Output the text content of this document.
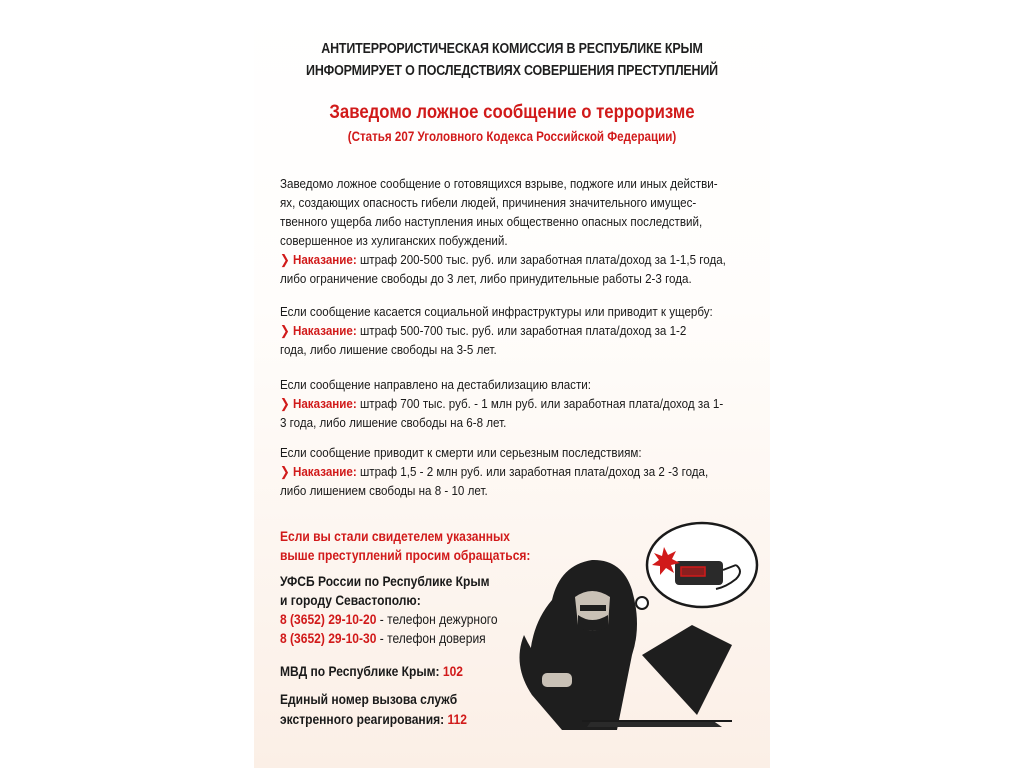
АНТИТЕРРОРИСТИЧЕСКАЯ КОМИССИЯ В РЕСПУБЛИКЕ КРЫМ
ИНФОРМИРУЕТ О ПОСЛЕДСТВИЯХ СОВЕРШЕНИЯ ПРЕСТУПЛЕНИЙ
Заведомо ложное сообщение о терроризме
(Статья 207 Уголовного Кодекса Российской Федерации)
Заведомо ложное сообщение о готовящихся взрыве, поджоге или иных действи-
ях, создающих опасность гибели людей, причинения значительного имущес-
твенного ущерба либо наступления иных общественно опасных последствий,
совершенное из хулиганских побуждений.
❯ Наказание: штраф 200-500 тыс. руб. или заработная плата/доход за 1-1,5 года,
либо ограничение свободы до 3 лет, либо принудительные работы 2-3 года.
Если сообщение касается социальной инфраструктуры или приводит к ущербу:
❯ Наказание: штраф 500-700 тыс. руб. или заработная плата/доход за 1-2
года, либо лишение свободы на 3-5 лет.
Если сообщение направлено на дестабилизацию власти:
❯ Наказание: штраф 700 тыс. руб. - 1 млн руб. или заработная плата/доход за 1-
3 года, либо лишение свободы на 6-8 лет.
Если сообщение приводит к смерти или серьезным последствиям:
❯ Наказание: штраф 1,5 - 2 млн руб. или заработная плата/доход за 2 -3 года,
либо лишением свободы на 8 - 10 лет.
Если вы стали свидетелем указанных
выше преступлений просим обращаться:
УФСБ России по Республике Крым
и городу Севастополю:
8 (3652) 29-10-20 - телефон дежурного
8 (3652) 29-10-30 - телефон доверия
МВД по Республике Крым: 102
Единый номер вызова служб
экстренного реагирования: 112
